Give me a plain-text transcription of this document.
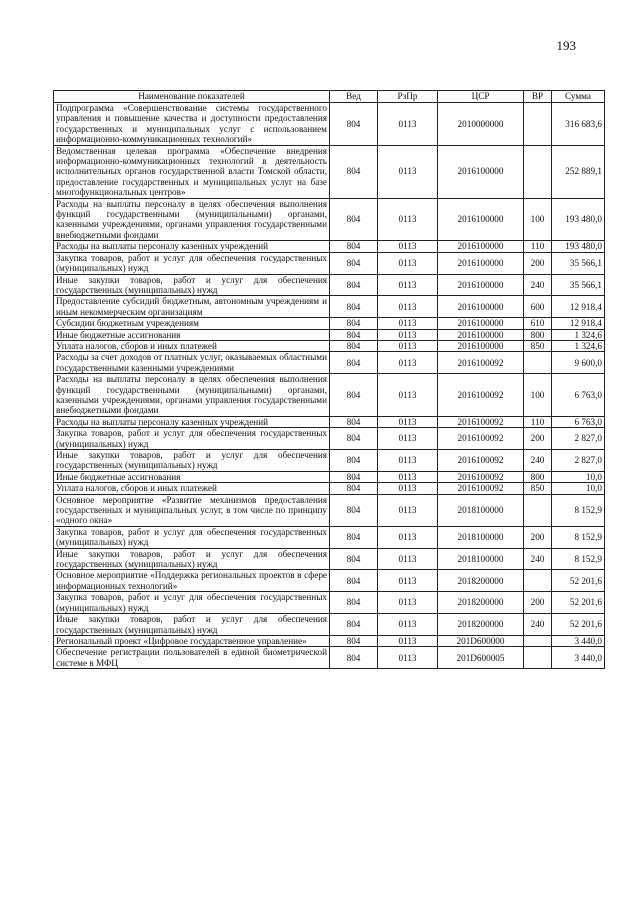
193
Наименование показателей	Вед	РзПр	ЦСР	ВР	Сумма
Подпрограмма «Совершенствование системы государственного управления и повышение качества и доступности предоставления государственных и муниципальных услуг с использованием информационно-коммуникационных технологий»	804	0113	2010000000		316 683,6
Ведомственная целевая программа «Обеспечение внедрения информационно-коммуникационных технологий в деятельность исполнительных органов государственной власти Томской области, предоставление государственных и муниципальных услуг на базе многофункциональных центров»	804	0113	2016100000		252 889,1
Расходы на выплаты персоналу в целях обеспечения выполнения функций государственными (муниципальными) органами, казенными учреждениями, органами управления государственными внебюджетными фондами	804	0113	2016100000	100	193 480,0
Расходы на выплаты персоналу казенных учреждений	804	0113	2016100000	110	193 480,0
Закупка товаров, работ и услуг для обеспечения государственных (муниципальных) нужд	804	0113	2016100000	200	35 566,1
Иные закупки товаров, работ и услуг для обеспечения государственных (муниципальных) нужд	804	0113	2016100000	240	35 566,1
Предоставление субсидий бюджетным, автономным учреждениям и иным некоммерческим организациям	804	0113	2016100000	600	12 918,4
Субсидии бюджетным учреждениям	804	0113	2016100000	610	12 918,4
Иные бюджетные ассигнования	804	0113	2016100000	800	1 324,6
Уплата налогов, сборов и иных платежей	804	0113	2016100000	850	1 324,6
Расходы за счет доходов от платных услуг, оказываемых областными государственными казенными учреждениями	804	0113	2016100092		9 600,0
Расходы на выплаты персоналу в целях обеспечения выполнения функций государственными (муниципальными) органами, казенными учреждениями, органами управления государственными внебюджетными фондами	804	0113	2016100092	100	6 763,0
Расходы на выплаты персоналу казенных учреждений	804	0113	2016100092	110	6 763,0
Закупка товаров, работ и услуг для обеспечения государственных (муниципальных) нужд	804	0113	2016100092	200	2 827,0
Иные закупки товаров, работ и услуг для обеспечения государственных (муниципальных) нужд	804	0113	2016100092	240	2 827,0
Иные бюджетные ассигнования	804	0113	2016100092	800	10,0
Уплата налогов, сборов и иных платежей	804	0113	2016100092	850	10,0
Основное мероприятие «Развитие механизмов предоставления государственных и муниципальных услуг, в том числе по принципу «одного окна»	804	0113	2018100000		8 152,9
Закупка товаров, работ и услуг для обеспечения государственных (муниципальных) нужд	804	0113	2018100000	200	8 152,9
Иные закупки товаров, работ и услуг для обеспечения государственных (муниципальных) нужд	804	0113	2018100000	240	8 152,9
Основное мероприятие «Поддержка региональных проектов в сфере информационных технологий»	804	0113	2018200000		52 201,6
Закупка товаров, работ и услуг для обеспечения государственных (муниципальных) нужд	804	0113	2018200000	200	52 201,6
Иные закупки товаров, работ и услуг для обеспечения государственных (муниципальных) нужд	804	0113	2018200000	240	52 201,6
Региональный проект «Цифровое государственное управление»	804	0113	201D600000		3 440,0
Обеспечение регистрации пользователей в единой биометрической системе в МФЦ	804	0113	201D600005		3 440,0
